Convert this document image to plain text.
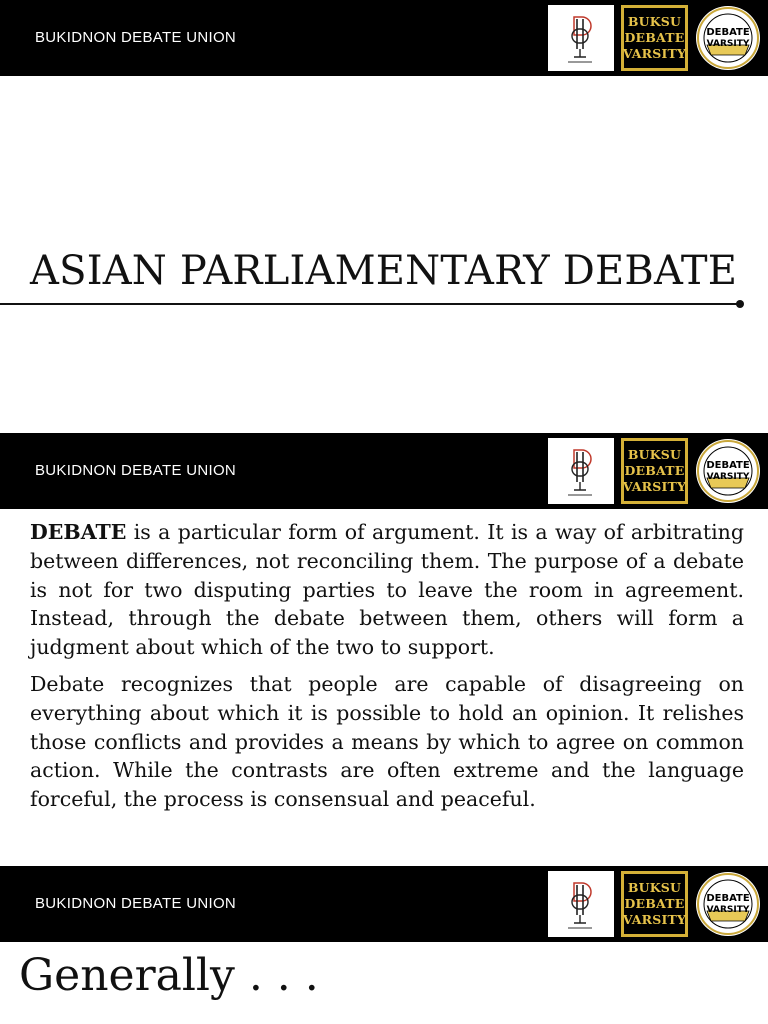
BUKIDNON DEBATE UNION
BUKSU
DEBATE
VARSITY
DEBATE
VARSITY
ASIAN PARLIAMENTARY DEBATE
BUKIDNON DEBATE UNION
BUKSU
DEBATE
VARSITY
DEBATE
VARSITY

DEBATE is a particular form of argument. It is a way of arbitrating between differences, not reconciling them. The purpose of a debate is not for two disputing parties to leave the room in agreement. Instead, through the debate between them, others will form a judgment about which of the two to support.

Debate recognizes that people are capable of disagreeing on everything about which it is possible to hold an opinion. It relishes those conflicts and provides a means by which to agree on common action. While the contrasts are often extreme and the language forceful, the process is consensual and peaceful.

BUKIDNON DEBATE UNION
BUKSU
DEBATE
VARSITY
DEBATE
VARSITY
Generally . . .
